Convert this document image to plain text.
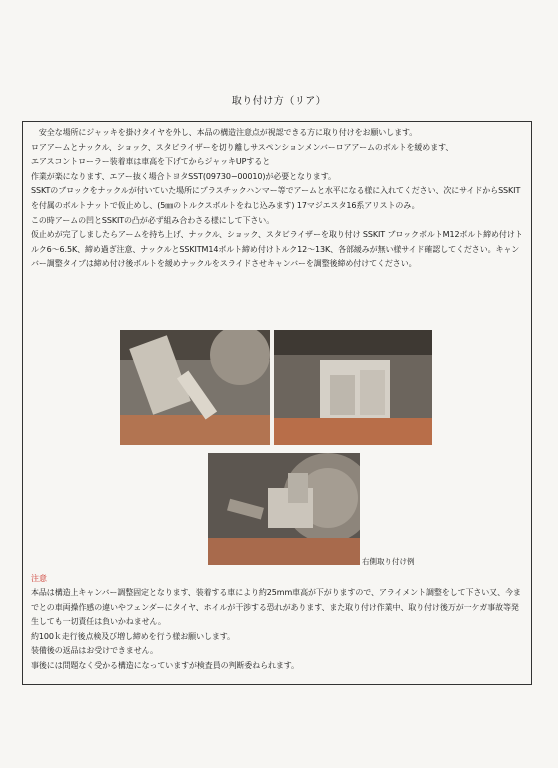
取り付け方（リア）

　安全な場所にジャッキを掛けタイヤを外し、本品の構造注意点が視認できる方に取り付けをお願いします。

ロアアームとナックル、ショック、スタビライザーを切り離しサスペンションメンバーロアアームのボルトを緩めます、

エアスコントローラー装着車は車高を下げてからジャッキUPすると

作業が楽になります、エアー抜く場合トヨタSST(09730−00010)が必要となります。

SSKTのブロックをナックルが付いていた場所にプラスチックハンマー等でアームと水平になる様に入れてください、次にサイドからSSKITを付属のボルトナットで仮止めし、(5㎜のトルクスボルトをねじ込みます) 17マジエスタ16系アリストのみ。

この時アームの凹とSSKITの凸が必ず組み合わさる様にして下さい。

仮止めが完了しましたらアームを持ち上げ、ナックル、ショック、スタビライザーを取り付け SSKIT ブロックボルトM12ボルト締め付けトルク6〜6.5K、締め過ぎ注意、ナックルとSSKITM14ボルト締め付けトルク12〜13K、各部緩みが無い様サイド確認してください。キャンバー調整タイプは締め付け後ボルトを緩めナックルをスライドさせキャンバーを調整後締め付けてください。

右側取り付け例
注意

本品は構造上キャンバー調整固定となります、装着する車により約25mm車高が下がりますので、アライメント調整をして下さい又、今までとの車両操作感の違いやフェンダーにタイヤ、ホイルが干渉する恐れがあります、また取り付け作業中、取り付け後万が一ケガ事故等発生しても一切責任は負いかねません。

約100ｋ走行後点検及び増し締めを行う様お願いします。

装備後の返品はお受けできません。

事後には問題なく受かる構造になっていますが検査員の判断委ねられます。
